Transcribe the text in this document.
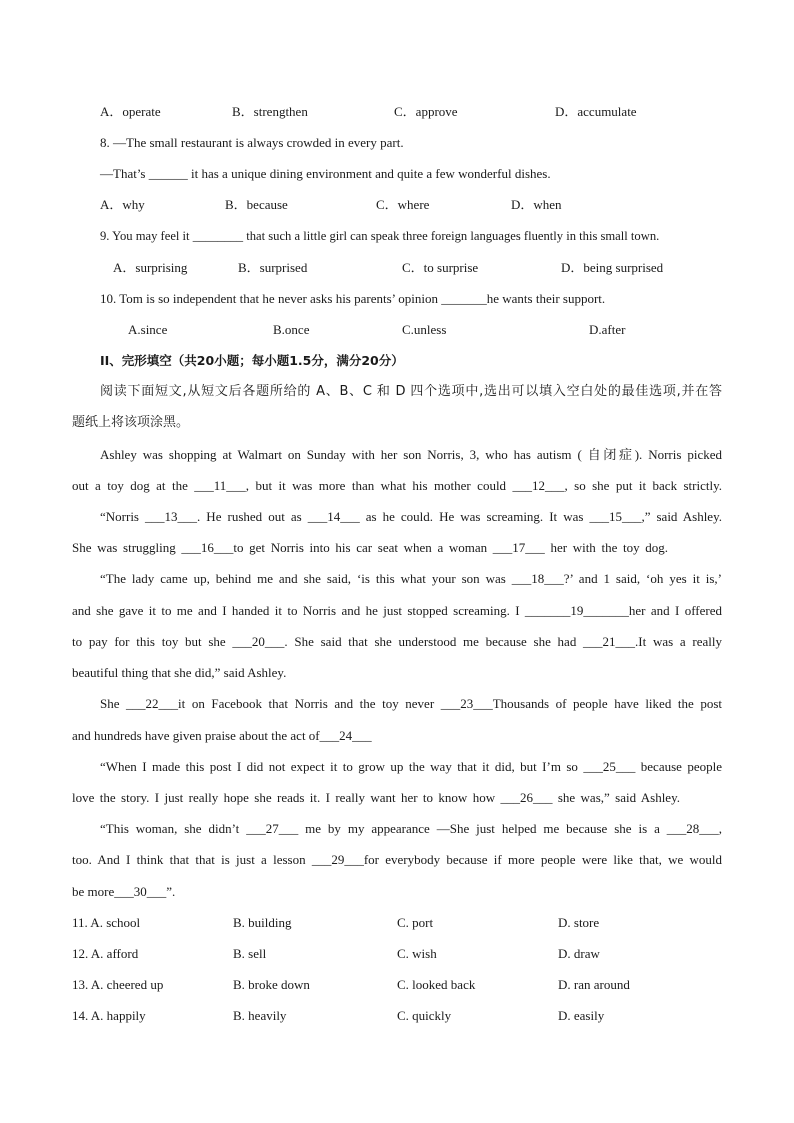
A．operate	B．strengthen	C．approve	D．accumulate
8. —The small restaurant is always crowded in every part.
—That’s ______ it has a unique dining environment and quite a few wonderful dishes.
A．why	B．because	C．where	D．when
9. You may feel it ________ that such a little girl can speak three foreign languages fluently in this small town.
A．surprising	B．surprised	C．to surprise	D．being surprised
10. Tom is so independent that he never asks his parents’ opinion _______he wants their support.
A.since	B.once	C.unless	D.after
II、完形填空（共20小题；每小题1.5分，满分20分）
阅读下面短文,从短文后各题所给的 A、B、C 和 D 四个选项中,选出可以填入空白处的最佳选项,并在答
题纸上将该项涂黑。
Ashley was shopping at Walmart on Sunday with her son Norris, 3, who has autism ( 自闭症). Norris picked
out a toy dog at the ___11___, but it was more than what his mother could ___12___, so she put it back strictly.
“Norris ___13___. He rushed out as ___14___ as he could. He was screaming. It was ___15___,” said Ashley.
She was struggling ___16___to get Norris into his car seat when a woman ___17___ her with the toy dog.
“The lady came up, behind me and she said, ‘is this what your son was ___18___?’ and 1 said, ‘oh yes it is,’
and she gave it to me and I handed it to Norris and he just stopped screaming. I _______19_______her and I offered
to pay for this toy but she ___20___. She said that she understood me because she had ___21___.It was a really
beautiful thing that she did,” said Ashley.
She ___22___it on Facebook that Norris and the toy never ___23___Thousands of people have liked the post
and hundreds have given praise about the act of___24___
“When I made this post I did not expect it to grow up the way that it did, but I’m so ___25___ because people
love the story. I just really hope she reads it. I really want her to know how ___26___ she was,” said Ashley.
“This woman, she didn’t ___27___ me by my appearance —She just helped me because she is a ___28___,
too. And I think that that is just a lesson ___29___for everybody because if more people were like that, we would
be more___30___”.
11. A. school	B. building	C. port	D. store
12. A. afford	B. sell	C. wish	D. draw
13. A. cheered up	B. broke down	C. looked back	D. ran around
14. A. happily	B. heavily	C. quickly	D. easily
